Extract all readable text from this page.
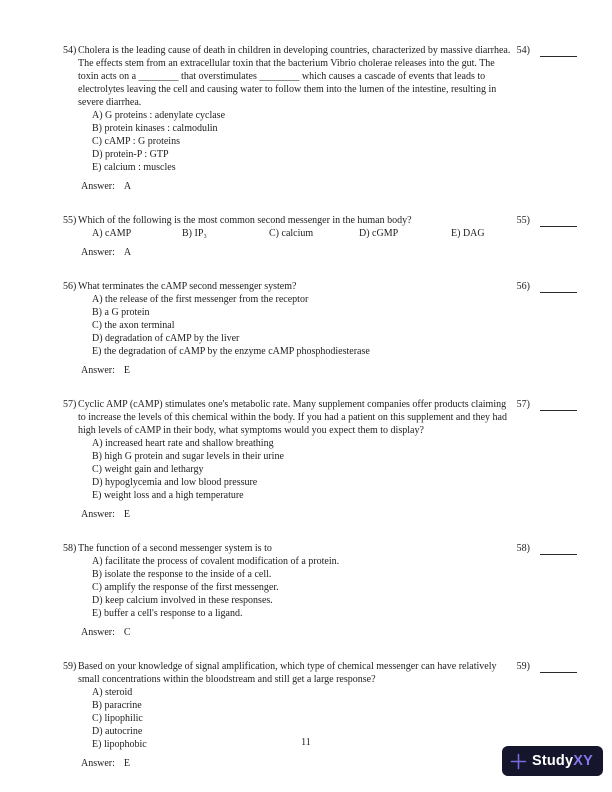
54) Cholera is the leading cause of death in children in developing countries, characterized by massive diarrhea. The effects stem from an extracellular toxin that the bacterium Vibrio cholerae releases into the gut. The toxin acts on a ________ that overstimulates ________ which causes a cascade of events that leads to electrolytes leaving the cell and causing water to follow them into the lumen of the intestine, resulting in severe diarrhea.

A) G proteins : adenylate cyclase
B) protein kinases : calmodulin
C) cAMP : G proteins
D) protein-P : GTP
E) calcium : muscles

Answer: A

54)
55) Which of the following is the most common second messenger in the human body?

A) cAMP	B) IP₃	C) calcium	D) cGMP	E) DAG

Answer: A

55)
56) What terminates the cAMP second messenger system?

A) the release of the first messenger from the receptor
B) a G protein
C) the axon terminal
D) degradation of cAMP by the liver
E) the degradation of cAMP by the enzyme cAMP phosphodiesterase

Answer: E

56)
57) Cyclic AMP (cAMP) stimulates one's metabolic rate. Many supplement companies offer products claiming to increase the levels of this chemical within the body. If you had a patient on this supplement and they had high levels of cAMP in their body, what symptoms would you expect them to display?

A) increased heart rate and shallow breathing
B) high G protein and sugar levels in their urine
C) weight gain and lethargy
D) hypoglycemia and low blood pressure
E) weight loss and a high temperature

Answer: E

57)
58) The function of a second messenger system is to

A) facilitate the process of covalent modification of a protein.
B) isolate the response to the inside of a cell.
C) amplify the response of the first messenger.
D) keep calcium involved in these responses.
E) buffer a cell's response to a ligand.

Answer: C

58)
59) Based on your knowledge of signal amplification, which type of chemical messenger can have relatively small concentrations within the bloodstream and still get a large response?

A) steroid
B) paracrine
C) lipophilic
D) autocrine
E) lipophobic

Answer: E

59)
11
StudyXY
